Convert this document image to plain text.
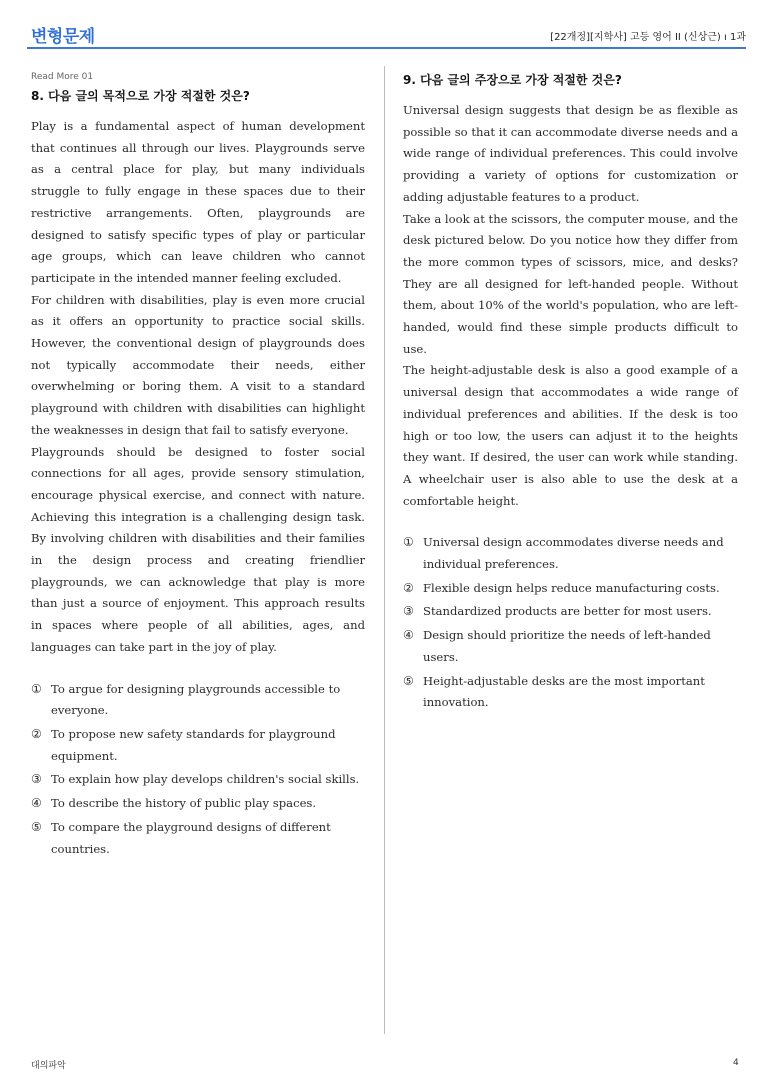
변형문제	[22개정][지학사] 고등 영어 II (신상근) ı 1과
Read More 01
8. 다음 글의 목적으로 가장 적절한 것은?

Play is a fundamental aspect of human development that continues all through our lives. Playgrounds serve as a central place for play, but many individuals struggle to fully engage in these spaces due to their restrictive arrangements. Often, playgrounds are designed to satisfy specific types of play or particular age groups, which can leave children who cannot participate in the intended manner feeling excluded.

For children with disabilities, play is even more crucial as it offers an opportunity to practice social skills. However, the conventional design of playgrounds does not typically accommodate their needs, either overwhelming or boring them. A visit to a standard playground with children with disabilities can highlight the weaknesses in design that fail to satisfy everyone.

Playgrounds should be designed to foster social connections for all ages, provide sensory stimulation, encourage physical exercise, and connect with nature. Achieving this integration is a challenging design task. By involving children with disabilities and their families in the design process and creating friendlier playgrounds, we can acknowledge that play is more than just a source of enjoyment. This approach results in spaces where people of all abilities, ages, and languages can take part in the joy of play.

① To argue for designing playgrounds accessible to everyone.
② To propose new safety standards for playground equipment.
③ To explain how play develops children's social skills.
④ To describe the history of public play spaces.
⑤ To compare the playground designs of different countries.
9. 다음 글의 주장으로 가장 적절한 것은?

Universal design suggests that design be as flexible as possible so that it can accommodate diverse needs and a wide range of individual preferences. This could involve providing a variety of options for customization or adding adjustable features to a product.

Take a look at the scissors, the computer mouse, and the desk pictured below. Do you notice how they differ from the more common types of scissors, mice, and desks? They are all designed for left-handed people. Without them, about 10% of the world's population, who are left-handed, would find these simple products difficult to use.

The height-adjustable desk is also a good example of a universal design that accommodates a wide range of individual preferences and abilities. If the desk is too high or too low, the users can adjust it to the heights they want. If desired, the user can work while standing. A wheelchair user is also able to use the desk at a comfortable height.

① Universal design accommodates diverse needs and individual preferences.
② Flexible design helps reduce manufacturing costs.
③ Standardized products are better for most users.
④ Design should prioritize the needs of left-handed users.
⑤ Height-adjustable desks are the most important innovation.
대의파악	4
